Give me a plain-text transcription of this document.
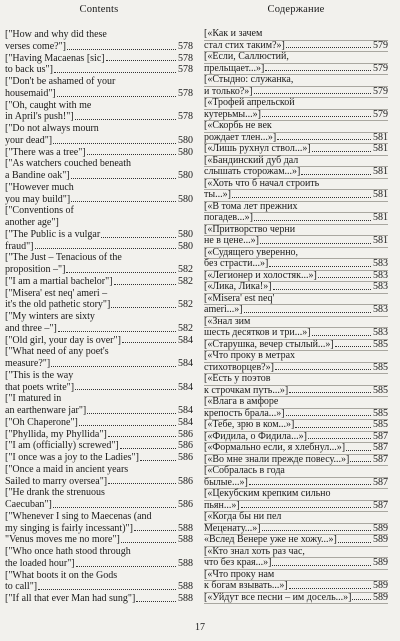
Contents
["How and why did these
verses come?"]	578
["Having Macaenas [sic]	578
to back us"]	578
["Don't be ashamed of your
housemaid"]	578
["Oh, caught with me
in April's push!"]	578
["Do not always mourn
your dead"]	580
["There was a tree"]	580
["As watchers couched beneath
a Bandine oak"]	580
["However much
you may build"]	580
["Conventions of
another age"]
["The Public is a vulgar	580
fraud"]	580
["The Just – Tenacious of the
proposition –"]	582
["I am a martial bachelor"]	582
["Misera' est neq' ameri –
it's the old pathetic story"]	582
["My winters are sixty
and three –"]	582
["Old girl, your day is over"]	584
["What need of any poet's
measure?"]	584
["This is the way
that poets write"]	584
["I matured in
an earthenware jar"]	584
["Oh Chaperone"]	584
["Phyllida, my Phyllida"]	586
["I am (officially) screwed"]	586
["I once was a joy to the Ladies"]	586
["Once a maid in ancient years
Sailed to marry oversea"]	586
["He drank the strenuous
Caecuban"]	586
["Whenever I sing to Maecenas (and
my singing is fairly incessant)"]	588
"Venus moves me no more"]	588
["Who once hath stood through
the loaded hour"]	588
["What boots it on the Gods
to call"]	588
["If all that ever Man had sung"]	588
Содержание
[«Как и зачем
стал стих таким?»]	579
[«Если, Саллюстий,
прельщает...»]	579
[«Стыдно: служанка,
и только?»]	579
[«Трофей апрельской
кутерьмы...»]	579
[«Скорбь не век
рождает тлен...»]	581
[«Лишь рухнул ствол...»]	581
[«Бандинский дуб дал
слышать сторожам...»]	581
[«Хоть что б начал строить
ты...»]	581
[«В тома лет прежних
погадев...»]	581
[«Притворство черни
не в цене...»]	581
[«Судящего уверенно,
без страсти...»]	583
[«Легионер и холостяк...»]	583
[«Лика, Лика!»]	583
[«Misera' est neq'
ameri...»]	583
[«Знал зим
шесть десятков и три...»]	583
[«Старушка, вечер стылый...»]	585
[«Что проку в метрах
стихотворцев?»]	585
[«Есть у поэтов
к строчкам путь...»]	585
[«Влага в амфоре
крепость брала...»]	585
[«Тебе, зрю в ком...»]	585
[«Фидила, о Фидила...»]	587
[«Формально если, я хлебнул...»]	587
[«Во мне знали прежде повесу...»] 587
[«Собралась в года
былые...»]	587
[«Цекубским крепким сильно
пьян...»]	587
[«Когда бы ни пел
Меценату...»]	589
«Вслед Венере уже не хожу...»]	589
[«Кто знал хоть раз час,
что без края...»]	589
[«Что проку нам
к богам взывать...»]	589
[«Уйдут все песни – им досель...»] 589
17
